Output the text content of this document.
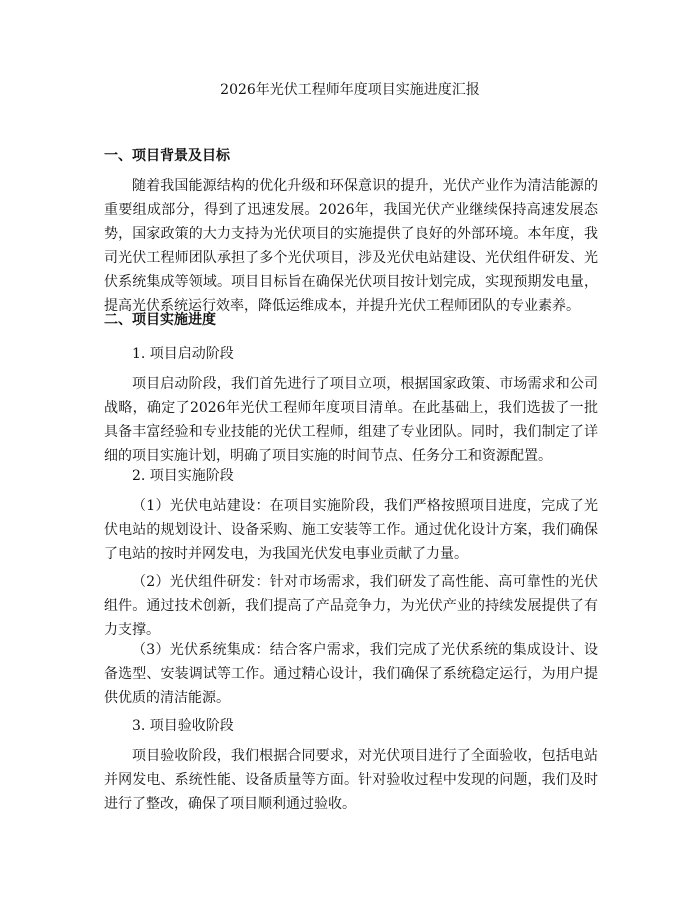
2026年光伏工程师年度项目实施进度汇报
一、项目背景及目标

随着我国能源结构的优化升级和环保意识的提升，光伏产业作为清洁能源的重要组成部分，得到了迅速发展。2026年，我国光伏产业继续保持高速发展态势，国家政策的大力支持为光伏项目的实施提供了良好的外部环境。本年度，我司光伏工程师团队承担了多个光伏项目，涉及光伏电站建设、光伏组件研发、光伏系统集成等领域。项目目标旨在确保光伏项目按计划完成，实现预期发电量，提高光伏系统运行效率，降低运维成本，并提升光伏工程师团队的专业素养。

二、项目实施进度
1. 项目启动阶段

项目启动阶段，我们首先进行了项目立项，根据国家政策、市场需求和公司战略，确定了2026年光伏工程师年度项目清单。在此基础上，我们选拔了一批具备丰富经验和专业技能的光伏工程师，组建了专业团队。同时，我们制定了详细的项目实施计划，明确了项目实施的时间节点、任务分工和资源配置。

2. 项目实施阶段

（1）光伏电站建设：在项目实施阶段，我们严格按照项目进度，完成了光伏电站的规划设计、设备采购、施工安装等工作。通过优化设计方案，我们确保了电站的按时并网发电，为我国光伏发电事业贡献了力量。

（2）光伏组件研发：针对市场需求，我们研发了高性能、高可靠性的光伏组件。通过技术创新，我们提高了产品竞争力，为光伏产业的持续发展提供了有力支撑。

（3）光伏系统集成：结合客户需求，我们完成了光伏系统的集成设计、设备选型、安装调试等工作。通过精心设计，我们确保了系统稳定运行，为用户提供优质的清洁能源。

3. 项目验收阶段

项目验收阶段，我们根据合同要求，对光伏项目进行了全面验收，包括电站并网发电、系统性能、设备质量等方面。针对验收过程中发现的问题，我们及时进行了整改，确保了项目顺利通过验收。
